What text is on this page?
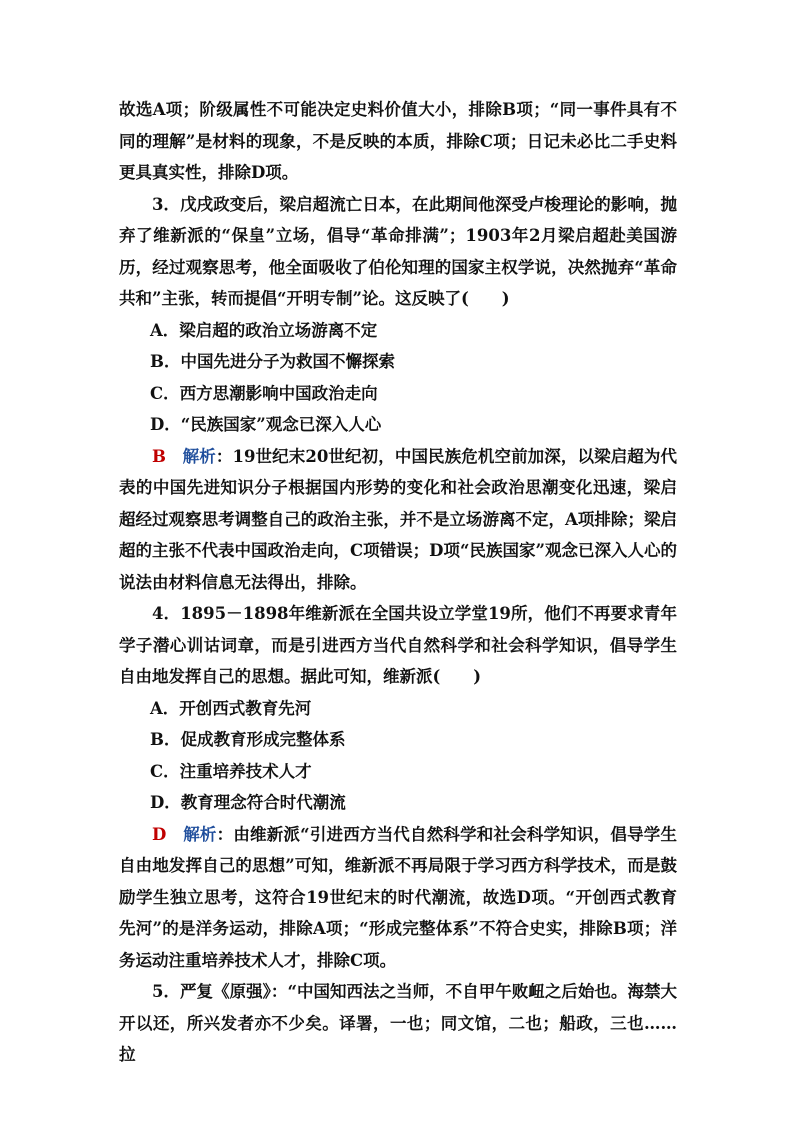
故选A项；阶级属性不可能决定史料价值大小，排除B项；“同一事件具有不同的理解”是材料的现象，不是反映的本质，排除C项；日记未必比二手史料更具真实性，排除D项。

3．戊戌政变后，梁启超流亡日本，在此期间他深受卢梭理论的影响，抛弃了维新派的“保皇”立场，倡导“革命排满”；1903年2月梁启超赴美国游历，经过观察思考，他全面吸收了伯伦知理的国家主权学说，决然抛弃“革命共和”主张，转而提倡“开明专制”论。这反映了(　　)

A．梁启超的政治立场游离不定

B．中国先进分子为救国不懈探索

C．西方思潮影响中国政治走向

D．“民族国家”观念已深入人心

B　 解析：19世纪末20世纪初，中国民族危机空前加深，以梁启超为代表的中国先进知识分子根据国内形势的变化和社会政治思潮变化迅速，梁启超经过观察思考调整自己的政治主张，并不是立场游离不定，A项排除；梁启超的主张不代表中国政治走向，C项错误；D项“民族国家”观念已深入人心的说法由材料信息无法得出，排除。

4．1895－1898年维新派在全国共设立学堂19所，他们不再要求青年学子潜心训诂词章，而是引进西方当代自然科学和社会科学知识，倡导学生自由地发挥自己的思想。据此可知，维新派(　　)

A．开创西式教育先河

B．促成教育形成完整体系

C．注重培养技术人才

D．教育理念符合时代潮流

D　 解析：由维新派“引进西方当代自然科学和社会科学知识，倡导学生自由地发挥自己的思想”可知，维新派不再局限于学习西方科学技术，而是鼓励学生独立思考，这符合19世纪末的时代潮流，故选D项。“开创西式教育先河”的是洋务运动，排除A项；“形成完整体系”不符合史实，排除B项；洋务运动注重培养技术人才，排除C项。

5．严复《原强》：“中国知西法之当师，不自甲午败衄之后始也。海禁大开以还，所兴发者亦不少矣。译署，一也；同文馆，二也；船政，三也……拉
